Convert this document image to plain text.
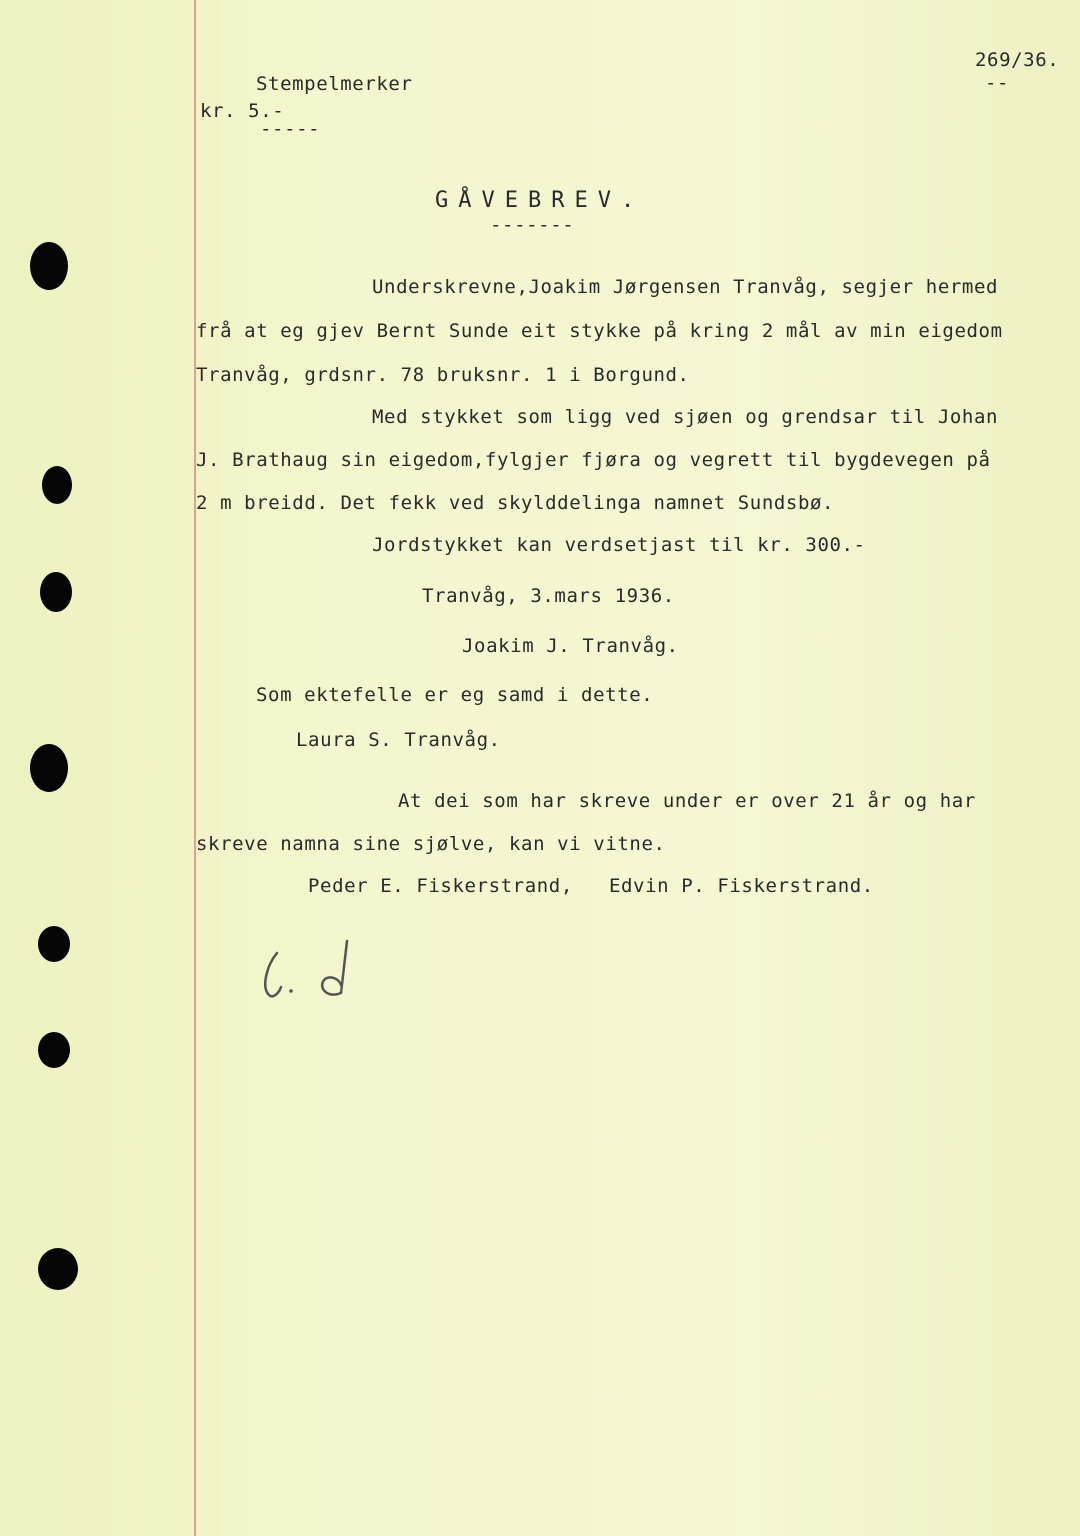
Stempelmerker
kr. 5.-
-----
269/36.
--
GÅVEBREV.
-------
Underskrevne,Joakim Jørgensen Tranvåg, segjer hermed
frå at eg gjev Bernt Sunde eit stykke på kring 2 mål av min eigedom
Tranvåg, grdsnr. 78 bruksnr. 1 i Borgund.
Med stykket som ligg ved sjøen og grendsar til Johan
J. Brathaug sin eigedom,fylgjer fjøra og vegrett til bygdevegen på
2 m breidd. Det fekk ved skylddelinga namnet Sundsbø.
Jordstykket kan verdsetjast til kr. 300.-
Tranvåg, 3.mars 1936.
Joakim J. Tranvåg.
Som ektefelle er eg samd i dette.
Laura S. Tranvåg.
At dei som har skreve under er over 21 år og har
skreve namna sine sjølve, kan vi vitne.
Peder E. Fiskerstrand,   Edvin P. Fiskerstrand.
